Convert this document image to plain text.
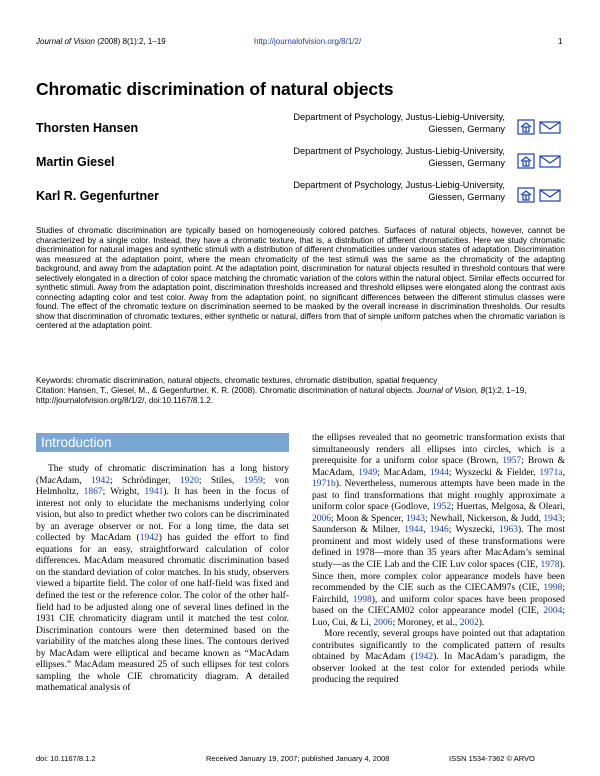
Journal of Vision (2008) 8(1):2, 1–19	http://journalofvision.org/8/1/2/	1
Chromatic discrimination of natural objects
Thorsten Hansen
Department of Psychology, Justus-Liebig-University,
Giessen, Germany
Martin Giesel
Department of Psychology, Justus-Liebig-University,
Giessen, Germany
Karl R. Gegenfurtner
Department of Psychology, Justus-Liebig-University,
Giessen, Germany
Studies of chromatic discrimination are typically based on homogeneously colored patches. Surfaces of natural objects, however, cannot be characterized by a single color. Instead, they have a chromatic texture, that is, a distribution of different chromaticities. Here we study chromatic discrimination for natural images and synthetic stimuli with a distribution of different chromaticities under various states of adaptation. Discrimination was measured at the adaptation point, where the mean chromaticity of the test stimuli was the same as the chromaticity of the adapting background, and away from the adaptation point. At the adaptation point, discrimination for natural objects resulted in threshold contours that were selectively elongated in a direction of color space matching the chromatic variation of the colors within the natural object. Similar effects occurred for synthetic stimuli. Away from the adaptation point, discrimination thresholds increased and threshold ellipses were elongated along the contrast axis connecting adapting color and test color. Away from the adaptation point, no significant differences between the different stimulus classes were found. The effect of the chromatic texture on discrimination seemed to be masked by the overall increase in discrimination thresholds. Our results show that discrimination of chromatic textures, either synthetic or natural, differs from that of simple uniform patches when the chromatic variation is centered at the adaptation point.
Keywords: chromatic discrimination, natural objects, chromatic textures, chromatic distribution, spatial frequency
Citation: Hansen, T., Giesel, M., & Gegenfurtner, K. R. (2008). Chromatic discrimination of natural objects. Journal of Vision, 8(1):2, 1–19, http://journalofvision.org/8/1/2/, doi:10.1167/8.1.2.
Introduction

The study of chromatic discrimination has a long history (MacAdam, 1942; Schrödinger, 1920; Stiles, 1959; von Helmholtz, 1867; Wright, 1941). It has been in the focus of interest not only to elucidate the mechanisms underlying color vision, but also to predict whether two colors can be discriminated by an average observer or not. For a long time, the data set collected by MacAdam (1942) has guided the effort to find equations for an easy, straightforward calculation of color differences. MacAdam measured chromatic discrimination based on the standard deviation of color matches. In his study, observers viewed a bipartite field. The color of one half-field was fixed and defined the test or the reference color. The color of the other half-field had to be adjusted along one of several lines defined in the 1931 CIE chromaticity diagram until it matched the test color. Discrimination contours were then determined based on the variability of the matches along these lines. The contours derived by MacAdam were elliptical and became known as “MacAdam ellipses.” MacAdam measured 25 of such ellipses for test colors sampling the whole CIE chromaticity diagram. A detailed mathematical analysis of

the ellipses revealed that no geometric transformation exists that simultaneously renders all ellipses into circles, which is a prerequisite for a uniform color space (Brown, 1957; Brown & MacAdam, 1949; MacAdam, 1944; Wyszecki & Fielder, 1971a, 1971b). Nevertheless, numerous attempts have been made in the past to find transformations that might roughly approximate a uniform color space (Godlove, 1952; Huertas, Melgosa, & Oleari, 2006; Moon & Spencer, 1943; Newhall, Nickerson, & Judd, 1943; Saunderson & Milner, 1944, 1946; Wyszecki, 1963). The most prominent and most widely used of these transformations were defined in 1978—more than 35 years after MacAdam’s seminal study—as the CIE Lab and the CIE Luv color spaces (CIE, 1978). Since then, more complex color appearance models have been recommended by the CIE such as the CIECAM97s (CIE, 1998; Fairchild, 1998), and uniform color spaces have been proposed based on the CIECAM02 color appearance model (CIE, 2004; Luo, Cui, & Li, 2006; Moroney, et al., 2002).

More recently, several groups have pointed out that adaptation contributes significantly to the complicated pattern of results obtained by MacAdam (1942). In MacAdam’s paradigm, the observer looked at the test color for extended periods while producing the required

doi: 10.1167/8.1.2	Received January 19, 2007; published January 4, 2008	ISSN 1534-7362 © ARVO
